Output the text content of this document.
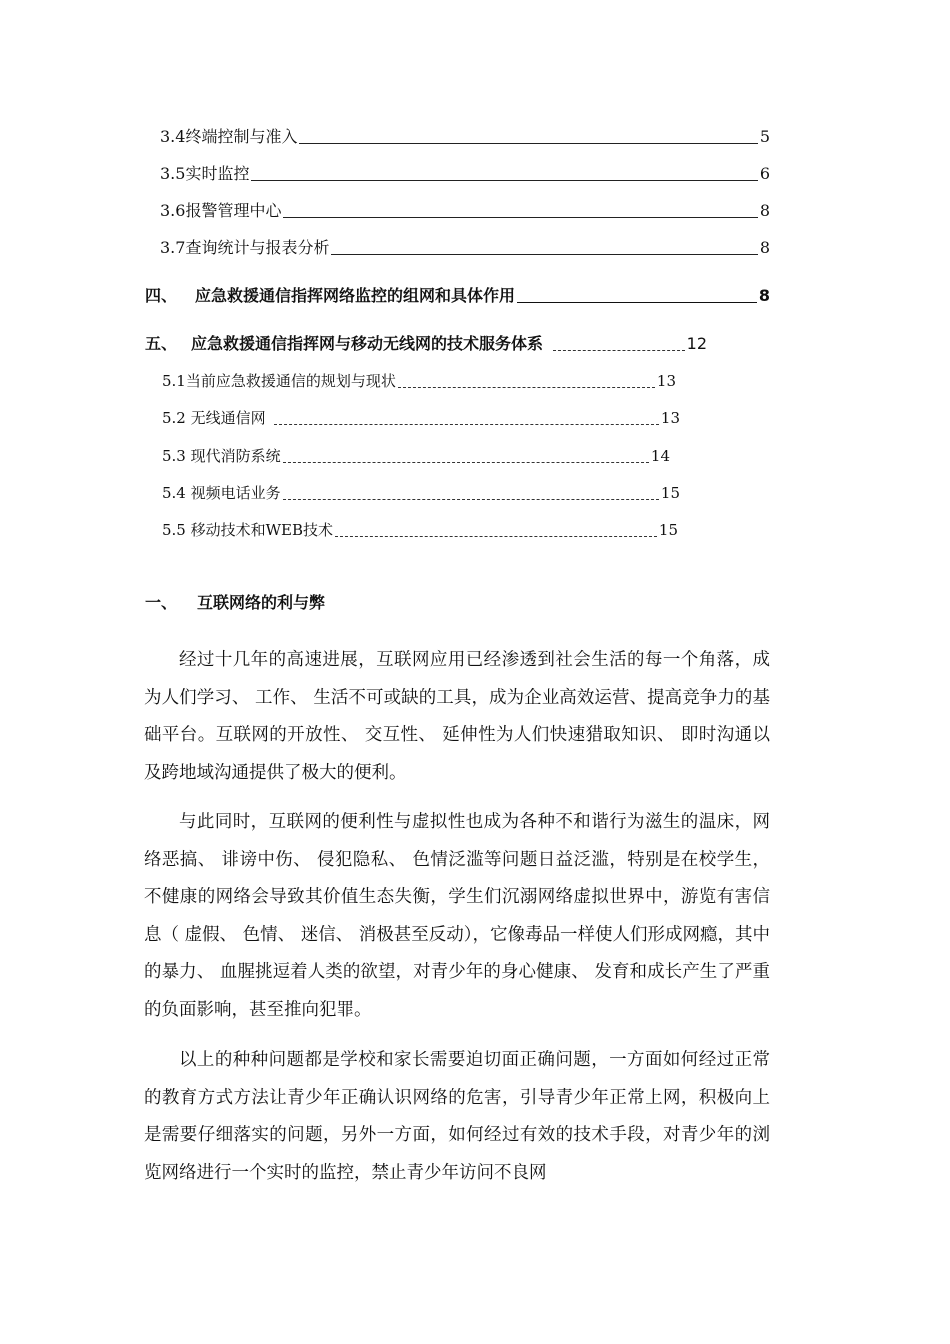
3.4终端控制与准入	5
3.5实时监控	6
3.6报警管理中心	8
3.7查询统计与报表分析	8
四、	应急救援通信指挥网络监控的组网和具体作用	8
五、 应急救援通信指挥网与移动无线网的技术服务体系	12
5.1当前应急救援通信的规划与现状	13
5.2 无线通信网	13
5.3 现代消防系统	14
5.4 视频电话业务	15
5.5 移动技术和WEB技术	15
一、 互联网络的利与弊

经过十几年的高速进展，互联网应用已经渗透到社会生活的每一个角落，成为人们学习、 工作、 生活不可或缺的工具，成为企业高效运营、提高竞争力的基础平台。互联网的开放性、 交互性、 延伸性为人们快速猎取知识、 即时沟通以及跨地域沟通提供了极大的便利。

与此同时，互联网的便利性与虚拟性也成为各种不和谐行为滋生的温床，网络恶搞、 诽谤中伤、 侵犯隐私、 色情泛滥等问题日益泛滥，特别是在校学生，不健康的网络会导致其价值生态失衡，学生们沉溺网络虚拟世界中，游览有害信息（ 虚假、 色情、 迷信、 消极甚至反动），它像毒品一样使人们形成网瘾，其中的暴力、 血腥挑逗着人类的欲望，对青少年的身心健康、 发育和成长产生了严重的负面影响，甚至推向犯罪。

以上的种种问题都是学校和家长需要迫切面正确问题，一方面如何经过正常的教育方式方法让青少年正确认识网络的危害，引导青少年正常上网，积极向上是需要仔细落实的问题，另外一方面，如何经过有效的技术手段，对青少年的浏览网络进行一个实时的监控，禁止青少年访问不良网
